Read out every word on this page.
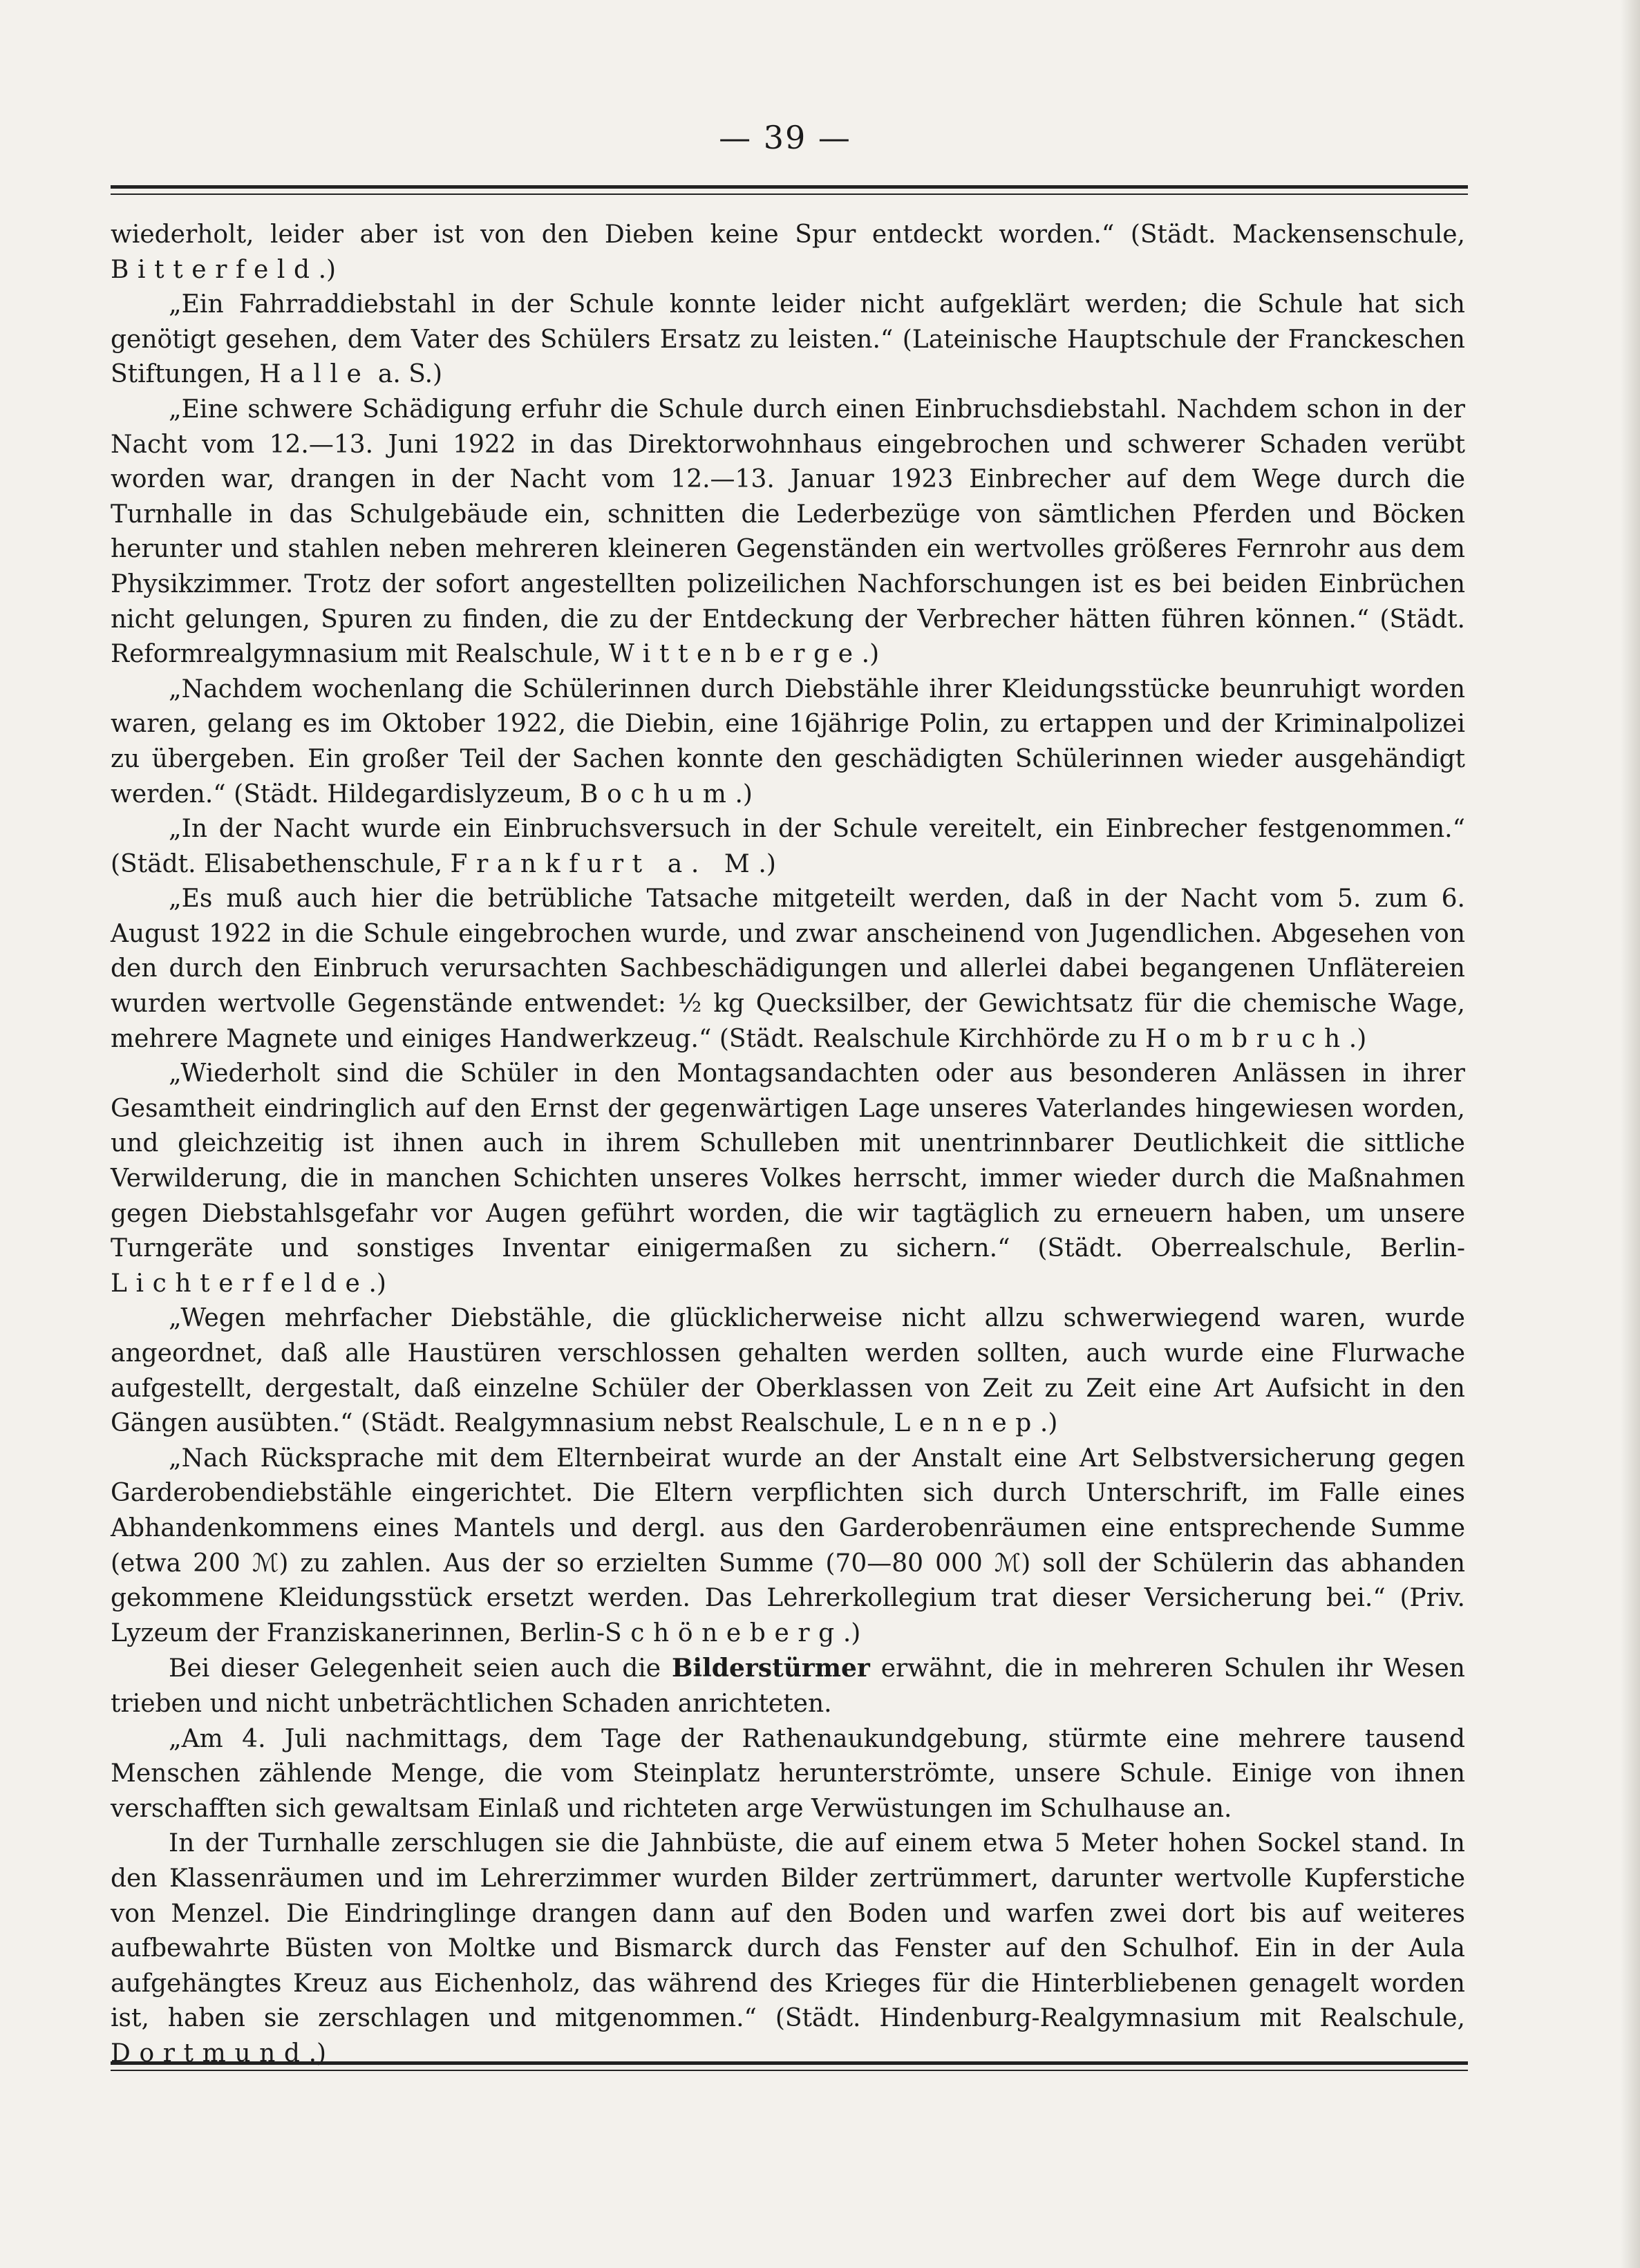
— 39 —

wiederholt, leider aber ist von den Dieben keine Spur entdeckt worden.“ (Städt. Mackensenschule, Bitterfeld.)

„Ein Fahrraddiebstahl in der Schule konnte leider nicht aufgeklärt werden; die Schule hat sich genötigt gesehen, dem Vater des Schülers Ersatz zu leisten.“ (Lateinische Hauptschule der Franckeschen Stiftungen, Halle a. S.)

„Eine schwere Schädigung erfuhr die Schule durch einen Einbruchsdiebstahl. Nachdem schon in der Nacht vom 12.—13. Juni 1922 in das Direktorwohnhaus eingebrochen und schwerer Schaden verübt worden war, drangen in der Nacht vom 12.—13. Januar 1923 Einbrecher auf dem Wege durch die Turnhalle in das Schulgebäude ein, schnitten die Lederbezüge von sämtlichen Pferden und Böcken herunter und stahlen neben mehreren kleineren Gegenständen ein wertvolles größeres Fernrohr aus dem Physikzimmer. Trotz der sofort angestellten polizeilichen Nachforschungen ist es bei beiden Einbrüchen nicht gelungen, Spuren zu finden, die zu der Entdeckung der Verbrecher hätten führen können.“ (Städt. Reformrealgymnasium mit Realschule, Wittenberge.)

„Nachdem wochenlang die Schülerinnen durch Diebstähle ihrer Kleidungsstücke beunruhigt worden waren, gelang es im Oktober 1922, die Diebin, eine 16jährige Polin, zu ertappen und der Kriminalpolizei zu übergeben. Ein großer Teil der Sachen konnte den geschädigten Schülerinnen wieder ausgehändigt werden.“ (Städt. Hildegardislyzeum, Bochum.)

„In der Nacht wurde ein Einbruchsversuch in der Schule vereitelt, ein Einbrecher festgenommen.“ (Städt. Elisabethenschule, Frankfurt a. M.)

„Es muß auch hier die betrübliche Tatsache mitgeteilt werden, daß in der Nacht vom 5. zum 6. August 1922 in die Schule eingebrochen wurde, und zwar anscheinend von Jugendlichen. Abgesehen von den durch den Einbruch verursachten Sachbeschädigungen und allerlei dabei begangenen Unflätereien wurden wertvolle Gegenstände entwendet: ½ kg Quecksilber, der Gewichtsatz für die chemische Wage, mehrere Magnete und einiges Handwerkzeug.“ (Städt. Realschule Kirchhörde zu Hombruch.)

„Wiederholt sind die Schüler in den Montagsandachten oder aus besonderen Anlässen in ihrer Gesamtheit eindringlich auf den Ernst der gegenwärtigen Lage unseres Vaterlandes hingewiesen worden, und gleichzeitig ist ihnen auch in ihrem Schulleben mit unentrinnbarer Deutlichkeit die sittliche Verwilderung, die in manchen Schichten unseres Volkes herrscht, immer wieder durch die Maßnahmen gegen Diebstahlsgefahr vor Augen geführt worden, die wir tagtäglich zu erneuern haben, um unsere Turngeräte und sonstiges Inventar einigermaßen zu sichern.“ (Städt. Oberrealschule, Berlin-Lichterfelde.)

„Wegen mehrfacher Diebstähle, die glücklicherweise nicht allzu schwerwiegend waren, wurde angeordnet, daß alle Haustüren verschlossen gehalten werden sollten, auch wurde eine Flurwache aufgestellt, dergestalt, daß einzelne Schüler der Oberklassen von Zeit zu Zeit eine Art Aufsicht in den Gängen ausübten.“ (Städt. Realgymnasium nebst Realschule, Lennep.)

„Nach Rücksprache mit dem Elternbeirat wurde an der Anstalt eine Art Selbstversicherung gegen Garderobendiebstähle eingerichtet. Die Eltern verpflichten sich durch Unterschrift, im Falle eines Abhandenkommens eines Mantels und dergl. aus den Garderobenräumen eine entsprechende Summe (etwa 200 ℳ) zu zahlen. Aus der so erzielten Summe (70—80 000 ℳ) soll der Schülerin das abhanden gekommene Kleidungsstück ersetzt werden. Das Lehrerkollegium trat dieser Versicherung bei.“ (Priv. Lyzeum der Franziskanerinnen, Berlin-Schöneberg.)

Bei dieser Gelegenheit seien auch die Bilderstürmer erwähnt, die in mehreren Schulen ihr Wesen trieben und nicht unbeträchtlichen Schaden anrichteten.

„Am 4. Juli nachmittags, dem Tage der Rathenaukundgebung, stürmte eine mehrere tausend Menschen zählende Menge, die vom Steinplatz herunterströmte, unsere Schule. Einige von ihnen verschafften sich gewaltsam Einlaß und richteten arge Verwüstungen im Schulhause an.

In der Turnhalle zerschlugen sie die Jahnbüste, die auf einem etwa 5 Meter hohen Sockel stand. In den Klassenräumen und im Lehrerzimmer wurden Bilder zertrümmert, darunter wertvolle Kupferstiche von Menzel. Die Eindringlinge drangen dann auf den Boden und warfen zwei dort bis auf weiteres aufbewahrte Büsten von Moltke und Bismarck durch das Fenster auf den Schulhof. Ein in der Aula aufgehängtes Kreuz aus Eichenholz, das während des Krieges für die Hinterbliebenen genagelt worden ist, haben sie zerschlagen und mitgenommen.“ (Städt. Hindenburg-Realgymnasium mit Realschule, Dortmund.)
